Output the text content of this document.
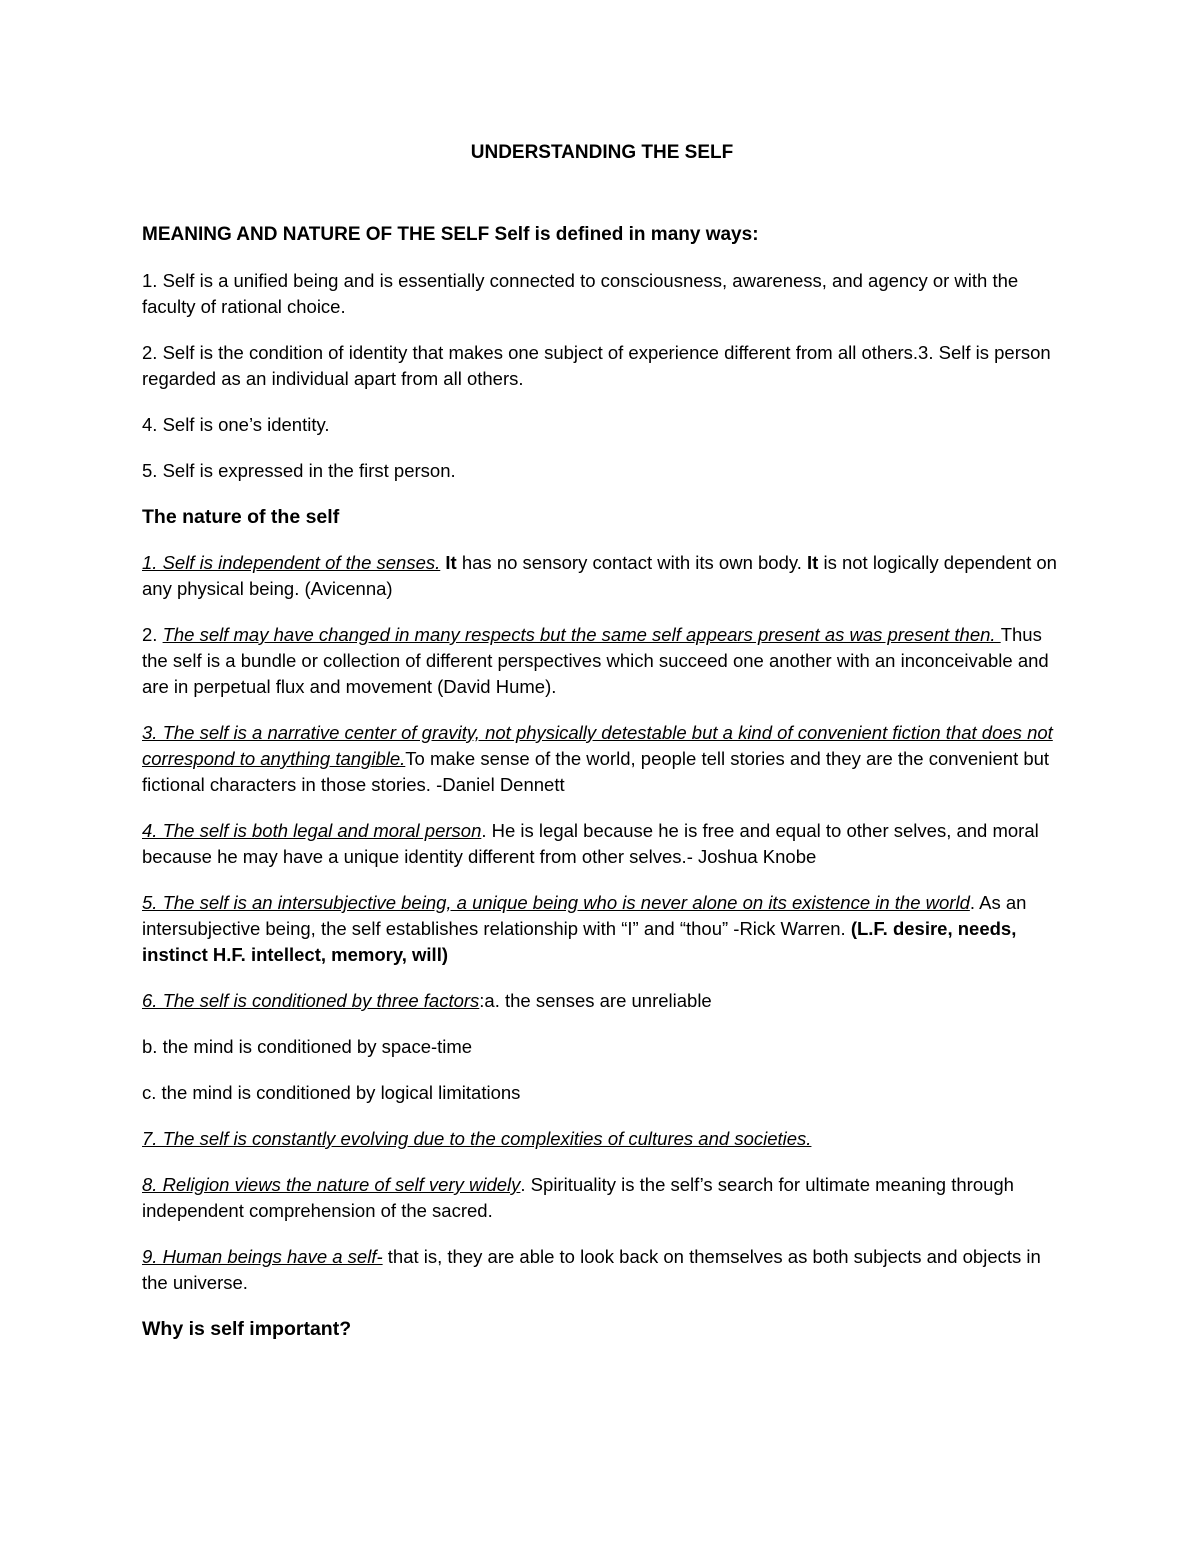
UNDERSTANDING THE SELF
MEANING AND NATURE OF THE SELF Self is defined in many ways:

1. Self is a unified being and is essentially connected to consciousness, awareness, and agency or with the faculty of rational choice.

2. Self is the condition of identity that makes one subject of experience different from all others.3. Self is person regarded as an individual apart from all others.

4. Self is one’s identity.

5. Self is expressed in the first person.

The nature of the self

1. Self is independent of the senses. It has no sensory contact with its own body. It is not logically dependent on any physical being. (Avicenna)

2. The self may have changed in many respects but the same self appears present as was present then. Thus the self is a bundle or collection of different perspectives which succeed one another with an inconceivable and are in perpetual flux and movement (David Hume).

3. The self is a narrative center of gravity, not physically detestable but a kind of convenient fiction that does not correspond to anything tangible.To make sense of the world, people tell stories and they are the convenient but fictional characters in those stories. -Daniel Dennett

4. The self is both legal and moral person. He is legal because he is free and equal to other selves, and moral because he may have a unique identity different from other selves.- Joshua Knobe

5. The self is an intersubjective being, a unique being who is never alone on its existence in the world. As an intersubjective being, the self establishes relationship with “I” and “thou” -Rick Warren. (L.F. desire, needs, instinct H.F. intellect, memory, will)

6. The self is conditioned by three factors:a. the senses are unreliable

b. the mind is conditioned by space-time

c. the mind is conditioned by logical limitations

7. The self is constantly evolving due to the complexities of cultures and societies.

8. Religion views the nature of self very widely. Spirituality is the self’s search for ultimate meaning through independent comprehension of the sacred.

9. Human beings have a self- that is, they are able to look back on themselves as both subjects and objects in the universe.

Why is self important?
